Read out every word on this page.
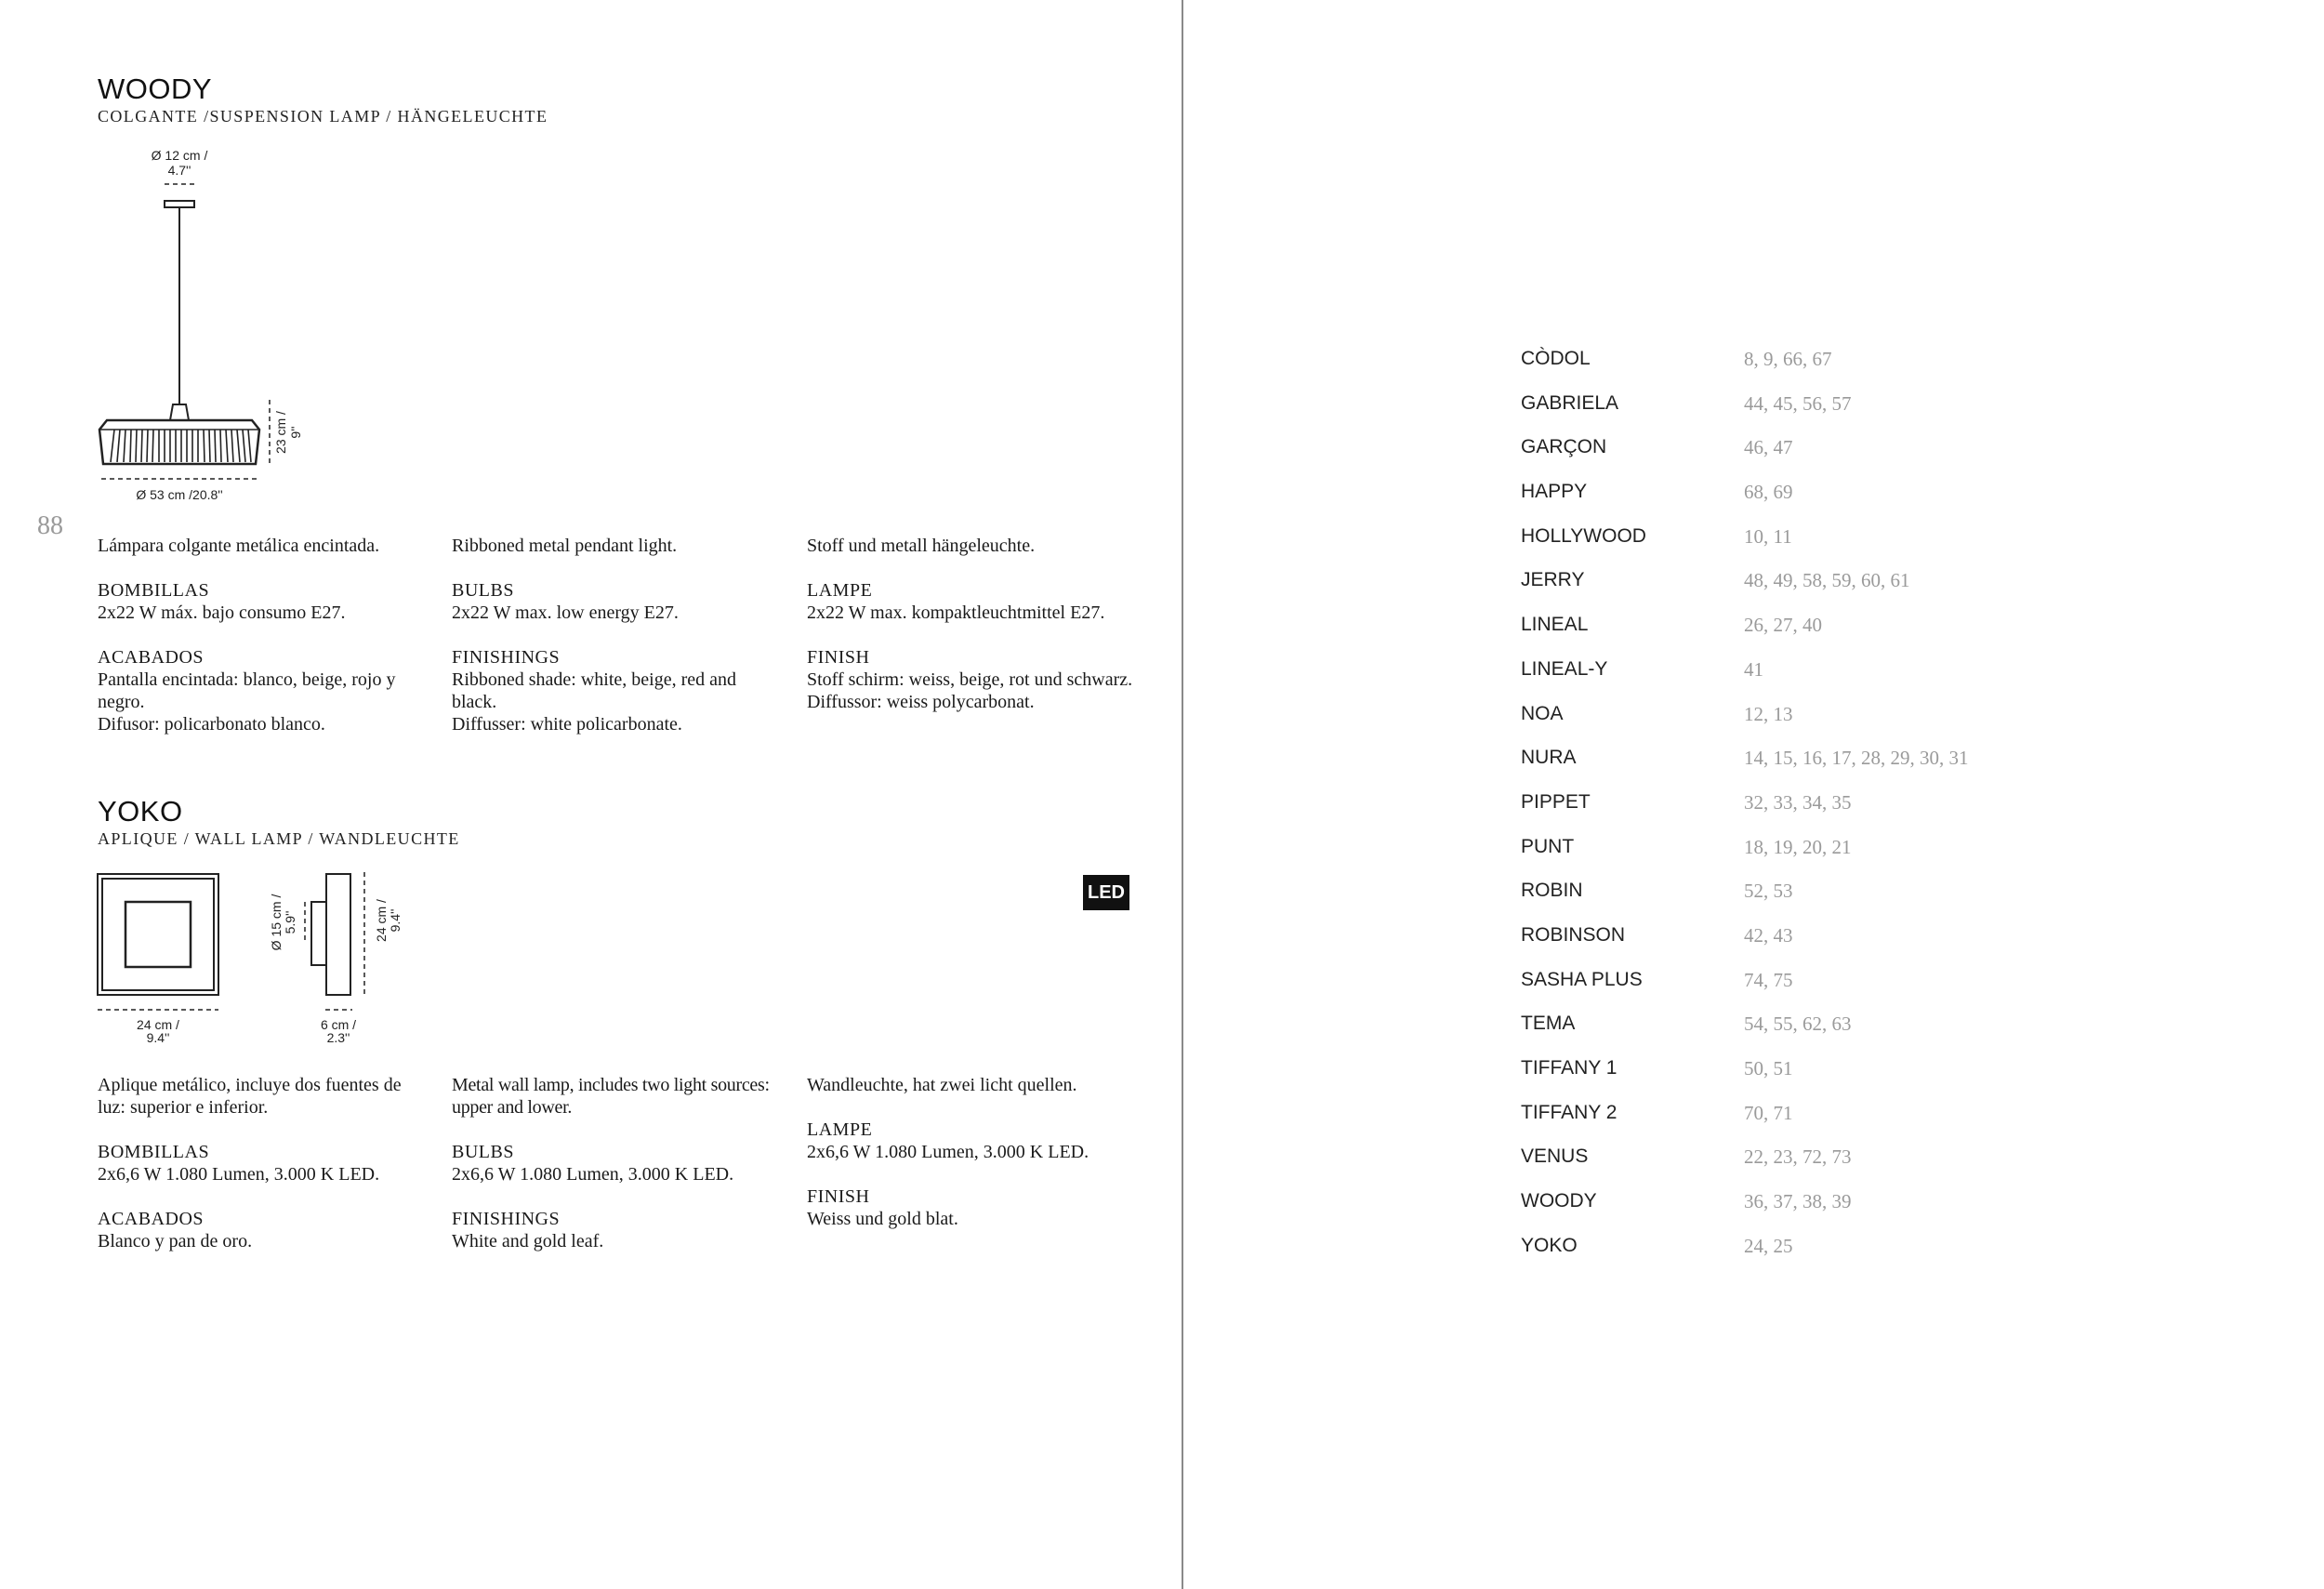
88
WOODY
COLGANTE /SUSPENSION LAMP / HÄNGELEUCHTE
Ø 12 cm /
4.7''
23 cm / 9''
Ø 53 cm /20.8''

Lámpara colgante metálica encintada.

BOMBILLAS

2x22 W máx. bajo consumo E27.

ACABADOS

Pantalla encintada: blanco, beige, rojo y negro.

Difusor: policarbonato blanco.

Ribboned metal pendant light.

BULBS

2x22 W max. low energy E27.

FINISHINGS

Ribboned shade: white, beige, red and black.

Diffusser: white policarbonate.

Stoff und metall hängeleuchte.

LAMPE

2x22 W max. kompaktleuchtmittel E27.

FINISH

Stoff schirm: weiss, beige, rot und schwarz.

Diffussor: weiss polycarbonat.

YOKO
APLIQUE / WALL LAMP / WANDLEUCHTE
LED
24 cm /
9.4''
Ø 15 cm / 5.9''	24 cm / 9.4''
6 cm /
2.3''

Aplique metálico, incluye dos fuentes de luz: superior e inferior.

BOMBILLAS

2x6,6 W 1.080 Lumen, 3.000 K LED.

ACABADOS

Blanco y pan de oro.

Metal wall lamp, includes two light sources: upper and lower.

BULBS

2x6,6 W 1.080 Lumen, 3.000 K LED.

FINISHINGS

White and gold leaf.

Wandleuchte, hat zwei licht quellen.

LAMPE

2x6,6 W 1.080 Lumen, 3.000 K LED.

FINISH

Weiss und gold blat.

CÒDOL	8, 9, 66, 67
GABRIELA	44, 45, 56, 57
GARÇON	46, 47
HAPPY	68, 69
HOLLYWOOD	10, 11
JERRY	48, 49, 58, 59, 60, 61
LINEAL	26, 27, 40
LINEAL-Y	41
NOA	12, 13
NURA	14, 15, 16, 17, 28, 29, 30, 31
PIPPET	32, 33, 34, 35
PUNT	18, 19, 20, 21
ROBIN	52, 53
ROBINSON	42, 43
SASHA PLUS	74, 75
TEMA	54, 55, 62, 63
TIFFANY 1	50, 51
TIFFANY 2	70, 71
VENUS	22, 23, 72, 73
WOODY	36, 37, 38, 39
YOKO	24, 25
